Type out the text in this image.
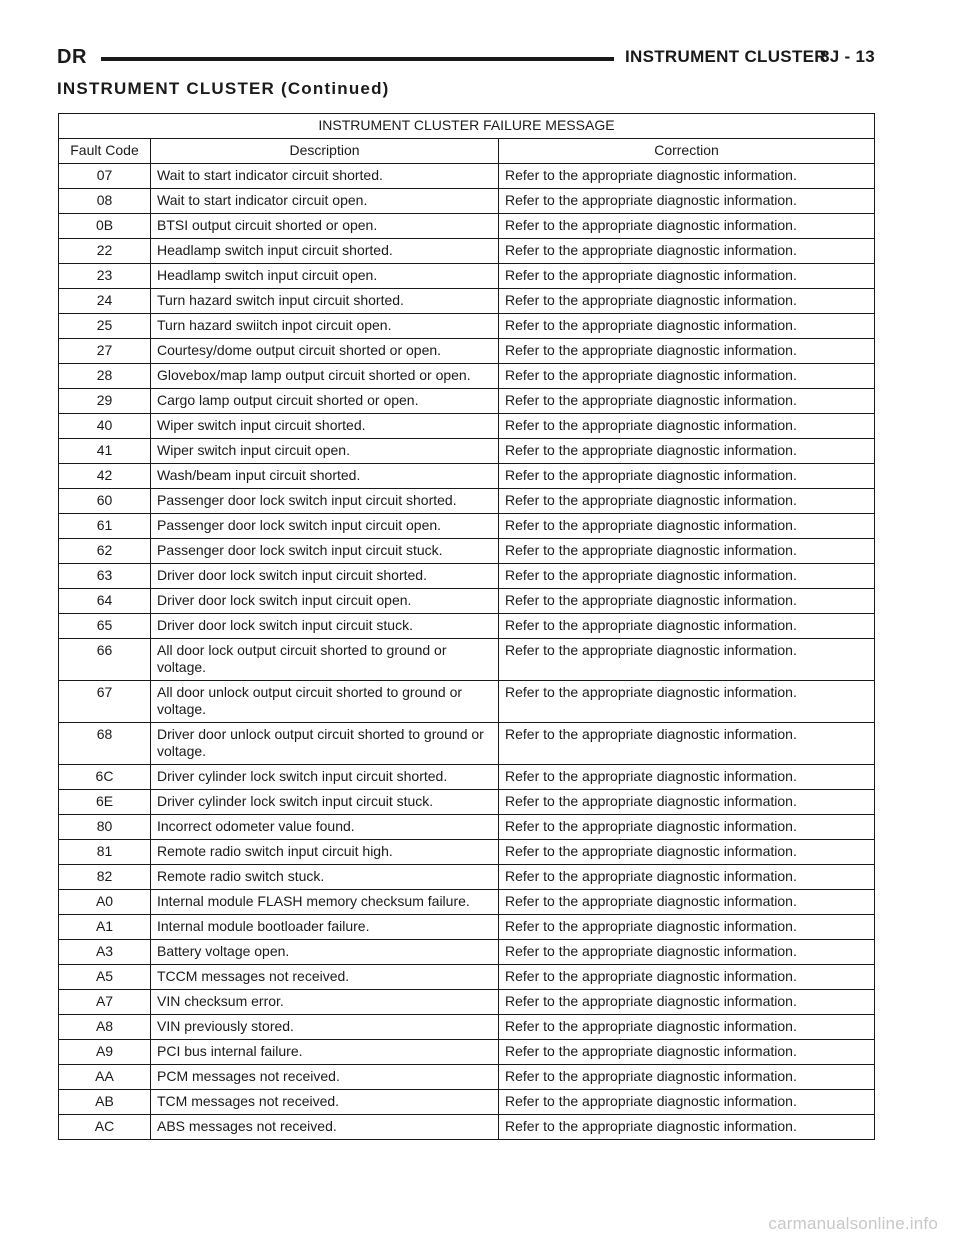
DR	INSTRUMENT CLUSTER
8J - 13
INSTRUMENT CLUSTER (Continued)
INSTRUMENT CLUSTER FAILURE MESSAGE		
Fault Code	Description	Correction
07	Wait to start indicator circuit shorted.	Refer to the appropriate diagnostic information.
08	Wait to start indicator circuit open.	Refer to the appropriate diagnostic information.
0B	BTSI output circuit shorted or open.	Refer to the appropriate diagnostic information.
22	Headlamp switch input circuit shorted.	Refer to the appropriate diagnostic information.
23	Headlamp switch input circuit open.	Refer to the appropriate diagnostic information.
24	Turn hazard switch input circuit shorted.	Refer to the appropriate diagnostic information.
25	Turn hazard swiitch inpot circuit open.	Refer to the appropriate diagnostic information.
27	Courtesy/dome output circuit shorted or open.	Refer to the appropriate diagnostic information.
28	Glovebox/map lamp output circuit shorted or open.	Refer to the appropriate diagnostic information.
29	Cargo lamp output circuit shorted or open.	Refer to the appropriate diagnostic information.
40	Wiper switch input circuit shorted.	Refer to the appropriate diagnostic information.
41	Wiper switch input circuit open.	Refer to the appropriate diagnostic information.
42	Wash/beam input circuit shorted.	Refer to the appropriate diagnostic information.
60	Passenger door lock switch input circuit shorted.	Refer to the appropriate diagnostic information.
61	Passenger door lock switch input circuit open.	Refer to the appropriate diagnostic information.
62	Passenger door lock switch input circuit stuck.	Refer to the appropriate diagnostic information.
63	Driver door lock switch input circuit shorted.	Refer to the appropriate diagnostic information.
64	Driver door lock switch input circuit open.	Refer to the appropriate diagnostic information.
65	Driver door lock switch input circuit stuck.	Refer to the appropriate diagnostic information.
66	All door lock output circuit shorted to ground or voltage.	Refer to the appropriate diagnostic information.
67	All door unlock output circuit shorted to ground or voltage.	Refer to the appropriate diagnostic information.
68	Driver door unlock output circuit shorted to ground or voltage.	Refer to the appropriate diagnostic information.
6C	Driver cylinder lock switch input circuit shorted.	Refer to the appropriate diagnostic information.
6E	Driver cylinder lock switch input circuit stuck.	Refer to the appropriate diagnostic information.
80	Incorrect odometer value found.	Refer to the appropriate diagnostic information.
81	Remote radio switch input circuit high.	Refer to the appropriate diagnostic information.
82	Remote radio switch stuck.	Refer to the appropriate diagnostic information.
A0	Internal module FLASH memory checksum failure.	Refer to the appropriate diagnostic information.
A1	Internal module bootloader failure.	Refer to the appropriate diagnostic information.
A3	Battery voltage open.	Refer to the appropriate diagnostic information.
A5	TCCM messages not received.	Refer to the appropriate diagnostic information.
A7	VIN checksum error.	Refer to the appropriate diagnostic information.
A8	VIN previously stored.	Refer to the appropriate diagnostic information.
A9	PCI bus internal failure.	Refer to the appropriate diagnostic information.
AA	PCM messages not received.	Refer to the appropriate diagnostic information.
AB	TCM messages not received.	Refer to the appropriate diagnostic information.
AC	ABS messages not received.	Refer to the appropriate diagnostic information.
carmanualsonline.info
